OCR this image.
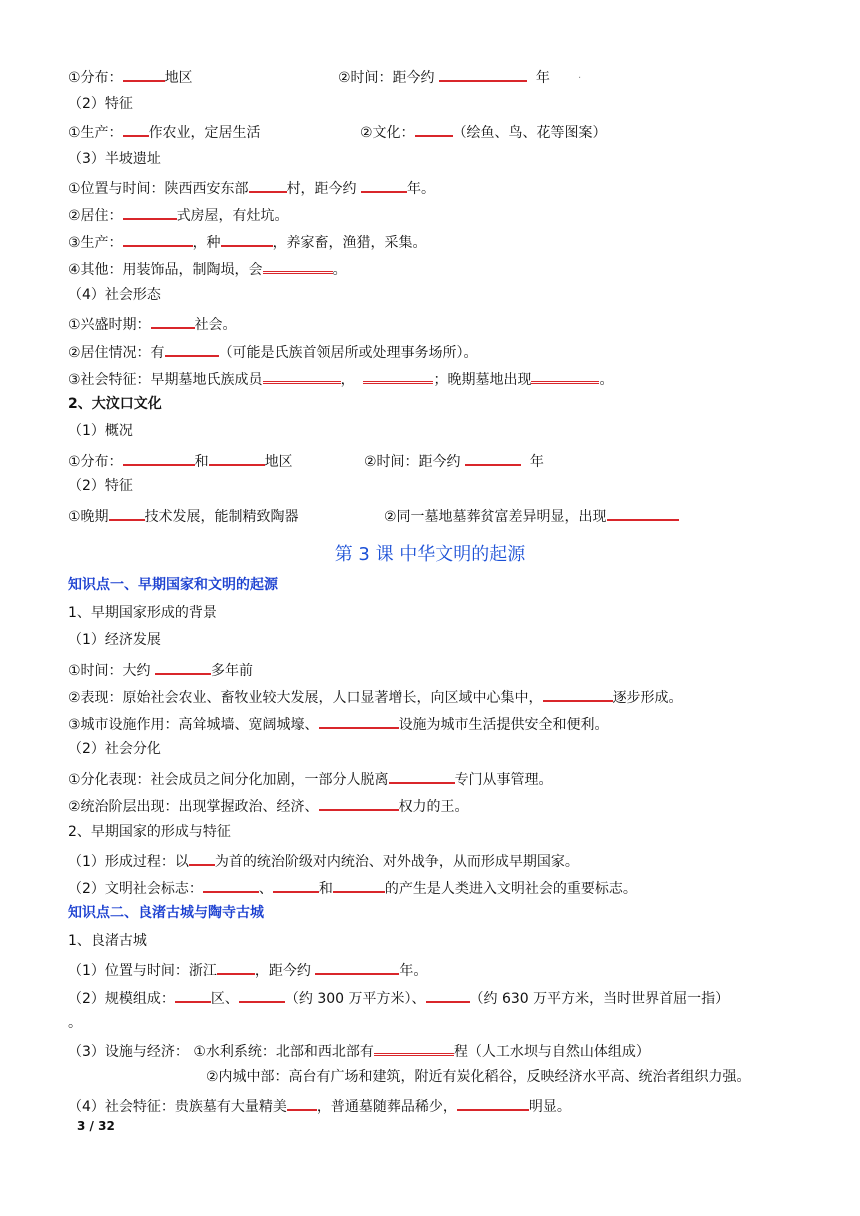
①分布：	地区	②时间：距今约	年	·
（2）特征
①生产： 作农业，定居生活	②文化：	（绘鱼、鸟、花等图案）
（3）半坡遗址
①位置与时间：陕西西安东部	村，距今约	年。
②居住：	式房屋，有灶坑。
③生产：	，种	，养家畜，渔猎，采集。
④其他：用装饰品，制陶埙，会	。
（4）社会形态
①兴盛时期：	社会。
②居住情况：有	（可能是氏族首领居所或处理事务场所）。
③社会特征：早期墓地氏族成员	，	；晚期墓地出现	。
2、大汶口文化
（1）概况
①分布：	和	地区	②时间：距今约	年
（2）特征
①晚期	技术发展，能制精致陶器	②同一墓地墓葬贫富差异明显，出现
第 3 课 中华文明的起源
知识点一、早期国家和文明的起源
1、早期国家形成的背景
（1）经济发展
①时间：大约	多年前
②表现：原始社会农业、畜牧业较大发展，人口显著增长，向区域中心集中，	逐步形成。
③城市设施作用：高耸城墙、宽阔城壕、	设施为城市生活提供安全和便利。
（2）社会分化
①分化表现：社会成员之间分化加剧，一部分人脱离	专门从事管理。
②统治阶层出现：出现掌握政治、经济、	权力的王。
2、早期国家的形成与特征
（1）形成过程：以 为首的统治阶级对内统治、对外战争，从而形成早期国家。
（2）文明社会标志：	、	和	的产生是人类进入文明社会的重要标志。
知识点二、良渚古城与陶寺古城
1、良渚古城
（1）位置与时间：浙江	，距今约	年。
（2）规模组成：	区、	（约 300 万平方米）、	（约 630 万平方米，当时世界首屈一指）
。
（3）设施与经济： ①水利系统：北部和西北部有	程（人工水坝与自然山体组成）
②内城中部：高台有广场和建筑，附近有炭化稻谷，反映经济水平高、统治者组织力强。
（4）社会特征：贵族墓有大量精美 ，普通墓随葬品稀少，	明显。
3 / 32
